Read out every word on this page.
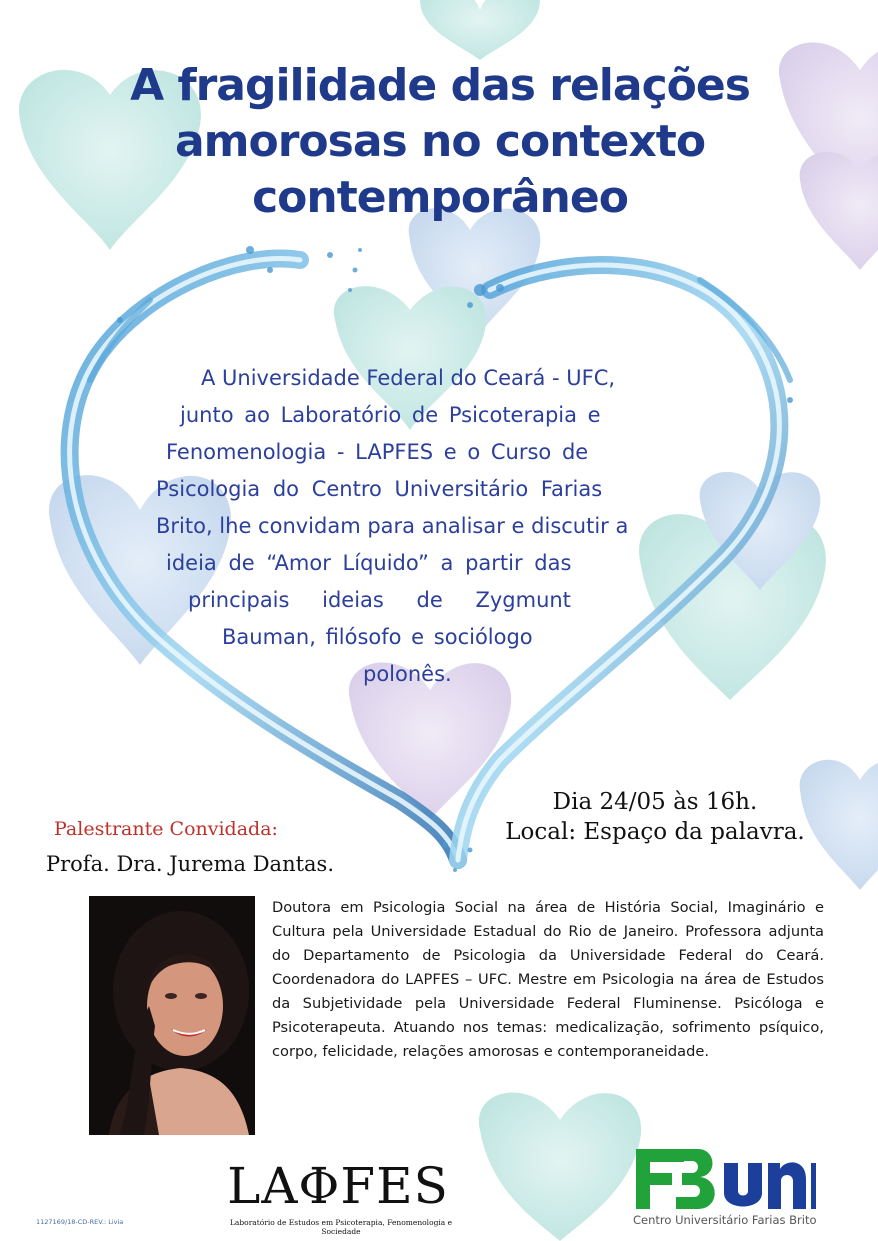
A fragilidade das relações
amorosas no contexto
contemporâneo
A Universidade Federal do Ceará - UFC,
junto ao Laboratório de Psicoterapia e
Fenomenologia - LAPFES e o Curso de
Psicologia do Centro Universitário Farias
Brito, lhe convidam para analisar e discutir a
ideia de “Amor Líquido” a partir das
principais ideias de Zygmunt
Bauman, filósofo e sociólogo
polonês.
Dia 24/05 às 16h.
Local: Espaço da palavra.
Palestrante Convidada:
Profa. Dra. Jurema Dantas.
Doutora em Psicologia Social na área de História Social, Imaginário e Cultura pela Universidade Estadual do Rio de Janeiro. Professora adjunta do Departamento de Psicologia da Universidade Federal do Ceará. Coordenadora do LAPFES – UFC. Mestre em Psicologia na área de Estudos da Subjetividade pela Universidade Federal Fluminense. Psicóloga e Psicoterapeuta. Atuando nos temas: medicalização, sofrimento psíquico, corpo, felicidade, relações amorosas e contemporaneidade.
1127169/18-CD-REV.: Livia
LAΦFES
Laboratório de Estudos em Psicoterapia, Fenomenologia e Sociedade
Centro Universitário Farias Brito
